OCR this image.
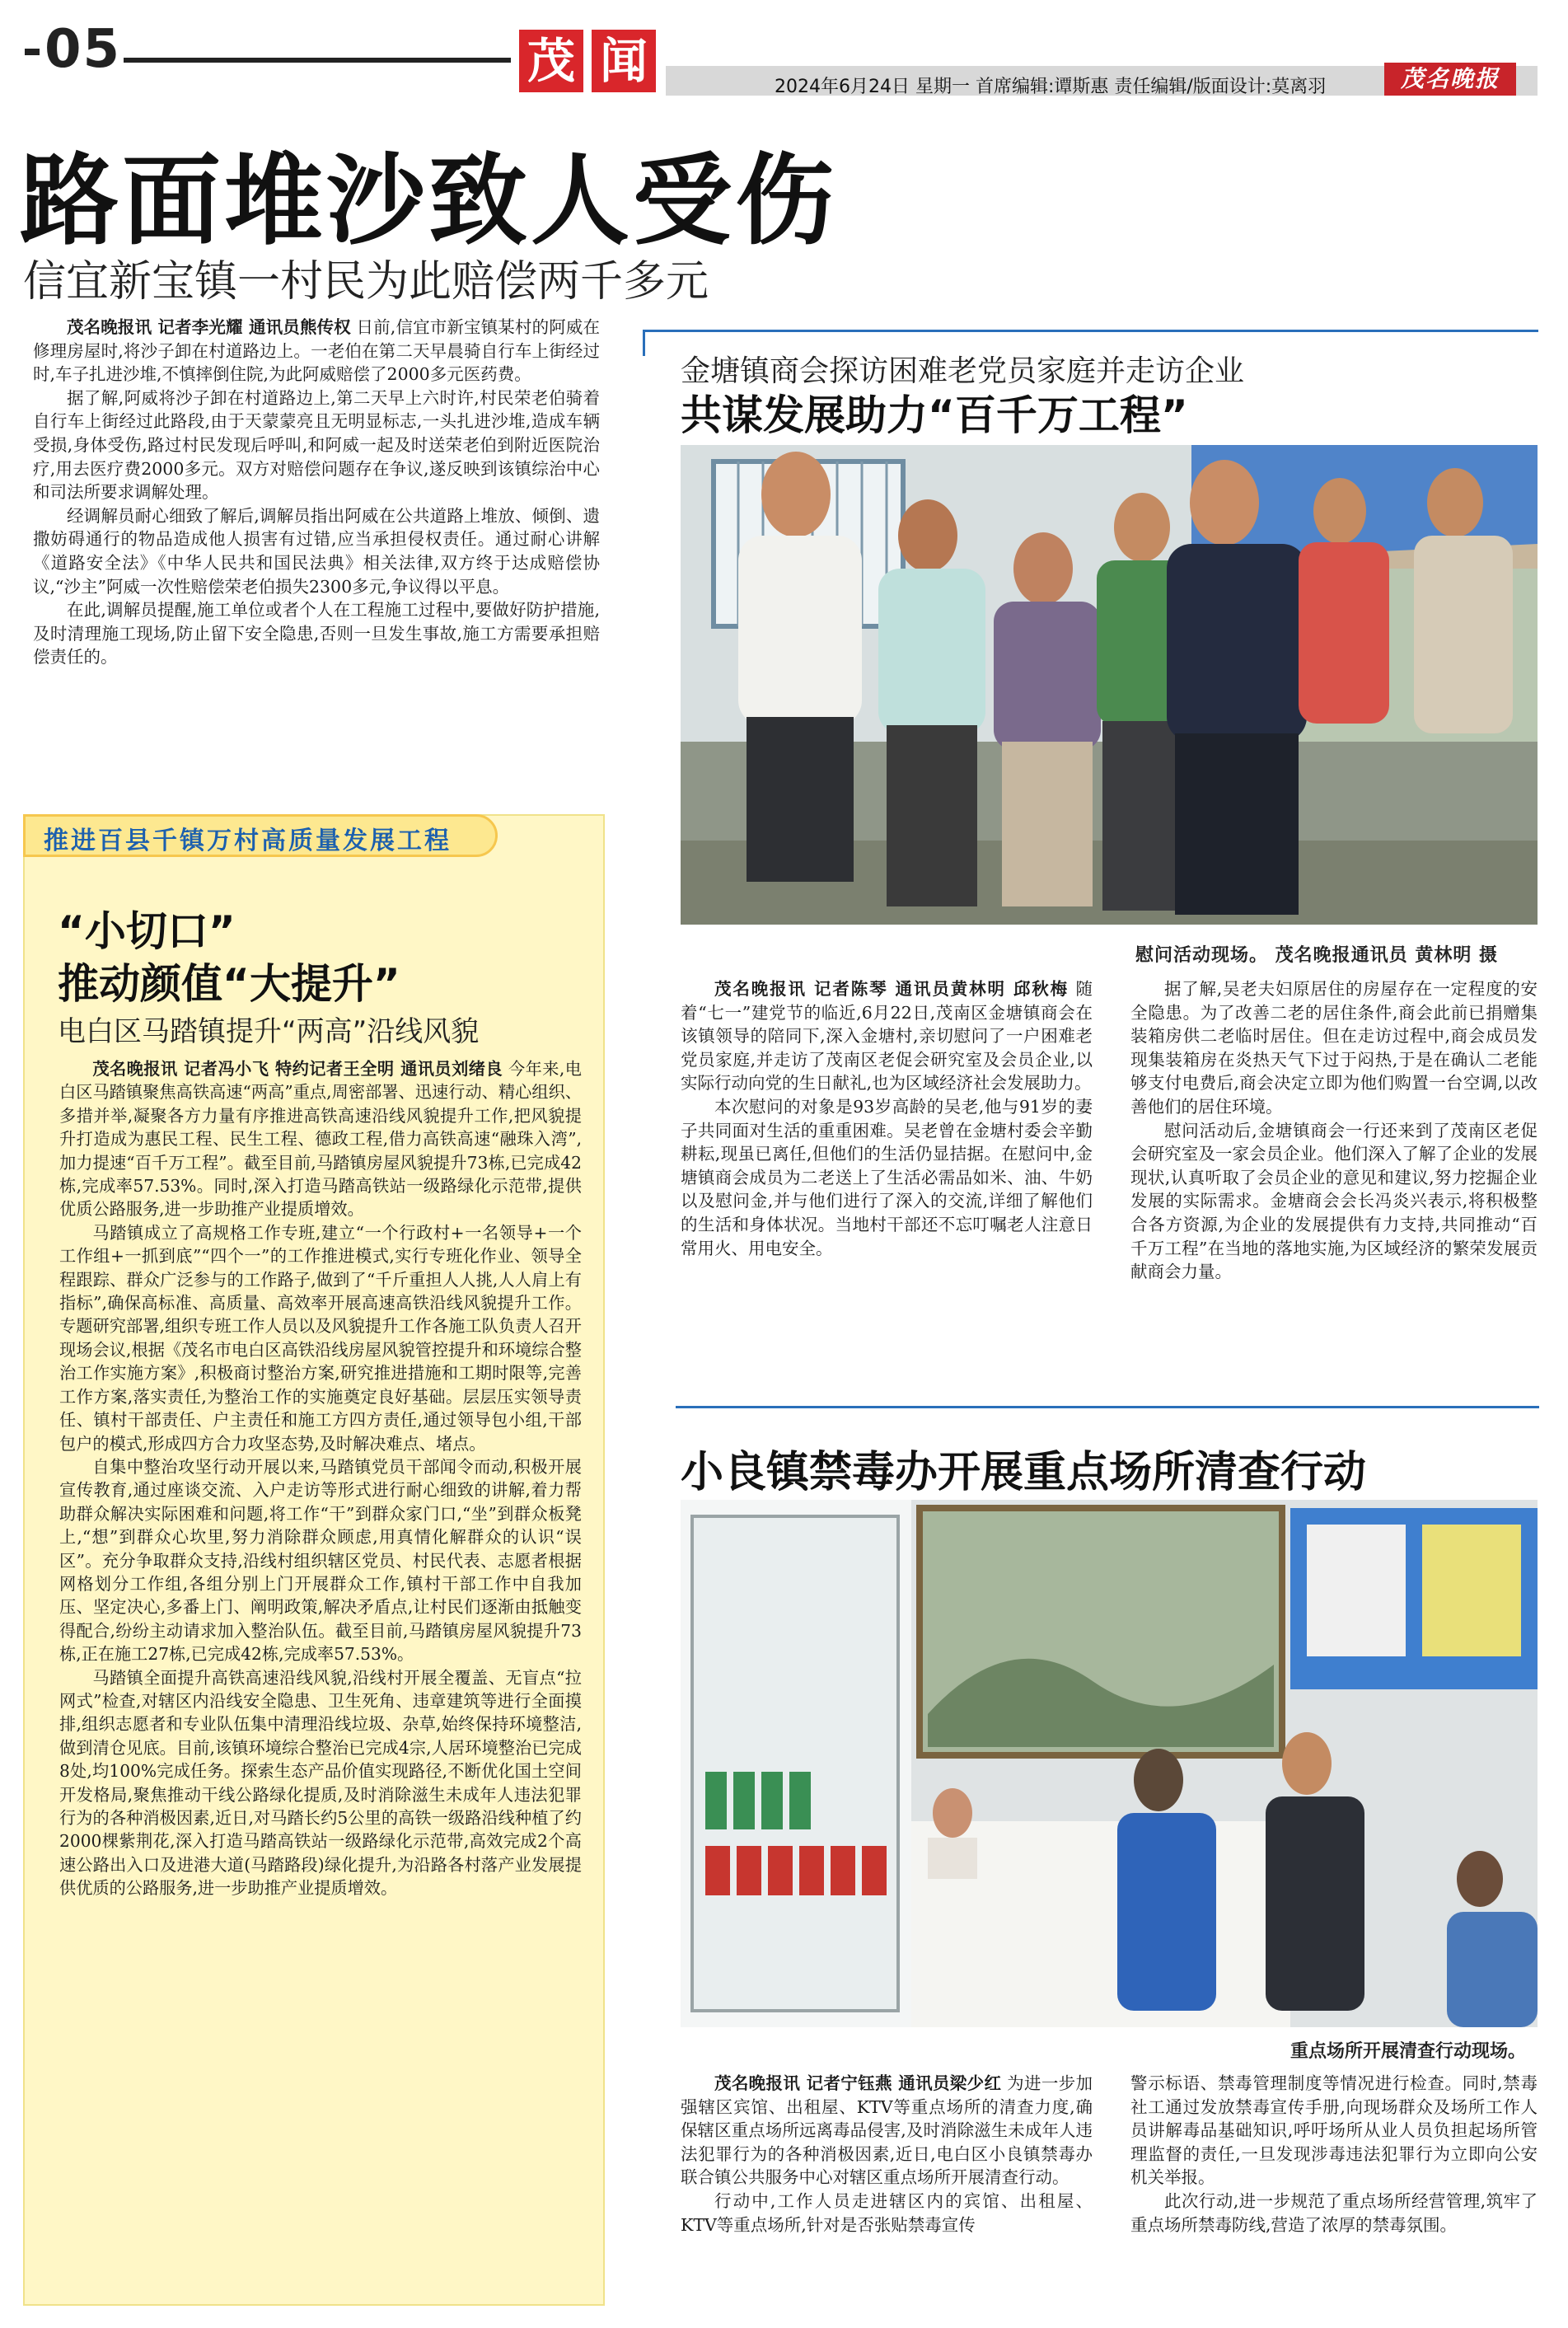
05	茂 闻	2024年6月24日 星期一 首席编辑:谭斯惠 责任编辑/版面设计:莫离羽	茂名晚报
路面堆沙致人受伤
信宜新宝镇一村民为此赔偿两千多元

茂名晚报讯 记者李光耀 通讯员熊传权 日前,信宜市新宝镇某村的阿威在修理房屋时,将沙子卸在村道路边上。一老伯在第二天早晨骑自行车上街经过时,车子扎进沙堆,不慎摔倒住院,为此阿威赔偿了2000多元医药费。

据了解,阿威将沙子卸在村道路边上,第二天早上六时许,村民荣老伯骑着自行车上街经过此路段,由于天蒙蒙亮且无明显标志,一头扎进沙堆,造成车辆受损,身体受伤,路过村民发现后呼叫,和阿威一起及时送荣老伯到附近医院治疗,用去医疗费2000多元。双方对赔偿问题存在争议,遂反映到该镇综治中心和司法所要求调解处理。

经调解员耐心细致了解后,调解员指出阿威在公共道路上堆放、倾倒、遗撒妨碍通行的物品造成他人损害有过错,应当承担侵权责任。通过耐心讲解《道路安全法》《中华人民共和国民法典》相关法律,双方终于达成赔偿协议,“沙主”阿威一次性赔偿荣老伯损失2300多元,争议得以平息。

在此,调解员提醒,施工单位或者个人在工程施工过程中,要做好防护措施,及时清理施工现场,防止留下安全隐患,否则一旦发生事故,施工方需要承担赔偿责任的。

推进百县千镇万村高质量发展工程
“小切口”
推动颜值“大提升”
电白区马踏镇提升“两高”沿线风貌

茂名晚报讯 记者冯小飞 特约记者王全明 通讯员刘绪良 今年来,电白区马踏镇聚焦高铁高速“两高”重点,周密部署、迅速行动、精心组织、多措并举,凝聚各方力量有序推进高铁高速沿线风貌提升工作,把风貌提升打造成为惠民工程、民生工程、德政工程,借力高铁高速“融珠入湾”,加力提速“百千万工程”。截至目前,马踏镇房屋风貌提升73栋,已完成42栋,完成率57.53%。同时,深入打造马踏高铁站一级路绿化示范带,提供优质公路服务,进一步助推产业提质增效。

马踏镇成立了高规格工作专班,建立“一个行政村+一名领导+一个工作组+一抓到底”“四个一”的工作推进模式,实行专班化作业、领导全程跟踪、群众广泛参与的工作路子,做到了“千斤重担人人挑,人人肩上有指标”,确保高标准、高质量、高效率开展高速高铁沿线风貌提升工作。专题研究部署,组织专班工作人员以及风貌提升工作各施工队负责人召开现场会议,根据《茂名市电白区高铁沿线房屋风貌管控提升和环境综合整治工作实施方案》,积极商讨整治方案,研究推进措施和工期时限等,完善工作方案,落实责任,为整治工作的实施奠定良好基础。层层压实领导责任、镇村干部责任、户主责任和施工方四方责任,通过领导包小组,干部包户的模式,形成四方合力攻坚态势,及时解决难点、堵点。

自集中整治攻坚行动开展以来,马踏镇党员干部闻令而动,积极开展宣传教育,通过座谈交流、入户走访等形式进行耐心细致的讲解,着力帮助群众解决实际困难和问题,将工作“干”到群众家门口,“坐”到群众板凳上,“想”到群众心坎里,努力消除群众顾虑,用真情化解群众的认识“误区”。充分争取群众支持,沿线村组织辖区党员、村民代表、志愿者根据网格划分工作组,各组分别上门开展群众工作,镇村干部工作中自我加压、坚定决心,多番上门、阐明政策,解决矛盾点,让村民们逐渐由抵触变得配合,纷纷主动请求加入整治队伍。截至目前,马踏镇房屋风貌提升73栋,正在施工27栋,已完成42栋,完成率57.53%。

马踏镇全面提升高铁高速沿线风貌,沿线村开展全覆盖、无盲点“拉网式”检查,对辖区内沿线安全隐患、卫生死角、违章建筑等进行全面摸排,组织志愿者和专业队伍集中清理沿线垃圾、杂草,始终保持环境整洁,做到清仓见底。目前,该镇环境综合整治已完成4宗,人居环境整治已完成8处,均100%完成任务。探索生态产品价值实现路径,不断优化国土空间开发格局,聚焦推动干线公路绿化提质,及时消除滋生未成年人违法犯罪行为的各种消极因素,近日,对马踏长约5公里的高铁一级路沿线种植了约2000棵紫荆花,深入打造马踏高铁站一级路绿化示范带,高效完成2个高速公路出入口及进港大道(马踏路段)绿化提升,为沿路各村落产业发展提供优质的公路服务,进一步助推产业提质增效。

金塘镇商会探访困难老党员家庭并走访企业
共谋发展助力“百千万工程”
慰问活动现场。 茂名晚报通讯员 黄林明 摄

茂名晚报讯 记者陈琴 通讯员黄林明 邱秋梅 随着“七一”建党节的临近,6月22日,茂南区金塘镇商会在该镇领导的陪同下,深入金塘村,亲切慰问了一户困难老党员家庭,并走访了茂南区老促会研究室及会员企业,以实际行动向党的生日献礼,也为区域经济社会发展助力。

本次慰问的对象是93岁高龄的吴老,他与91岁的妻子共同面对生活的重重困难。吴老曾在金塘村委会辛勤耕耘,现虽已离任,但他们的生活仍显拮据。在慰问中,金塘镇商会成员为二老送上了生活必需品如米、油、牛奶以及慰问金,并与他们进行了深入的交流,详细了解他们的生活和身体状况。当地村干部还不忘叮嘱老人注意日常用火、用电安全。

据了解,吴老夫妇原居住的房屋存在一定程度的安全隐患。为了改善二老的居住条件,商会此前已捐赠集装箱房供二老临时居住。但在走访过程中,商会成员发现集装箱房在炎热天气下过于闷热,于是在确认二老能够支付电费后,商会决定立即为他们购置一台空调,以改善他们的居住环境。

慰问活动后,金塘镇商会一行还来到了茂南区老促会研究室及一家会员企业。他们深入了解了企业的发展现状,认真听取了会员企业的意见和建议,努力挖掘企业发展的实际需求。金塘商会会长冯炎兴表示,将积极整合各方资源,为企业的发展提供有力支持,共同推动“百千万工程”在当地的落地实施,为区域经济的繁荣发展贡献商会力量。

小良镇禁毒办开展重点场所清查行动
重点场所开展清查行动现场。

茂名晚报讯 记者宁钰燕 通讯员梁少红 为进一步加强辖区宾馆、出租屋、KTV等重点场所的清查力度,确保辖区重点场所远离毒品侵害,及时消除滋生未成年人违法犯罪行为的各种消极因素,近日,电白区小良镇禁毒办联合镇公共服务中心对辖区重点场所开展清查行动。

行动中,工作人员走进辖区内的宾馆、出租屋、KTV等重点场所,针对是否张贴禁毒宣传

警示标语、禁毒管理制度等情况进行检查。同时,禁毒社工通过发放禁毒宣传手册,向现场群众及场所工作人员讲解毒品基础知识,呼吁场所从业人员负担起场所管理监督的责任,一旦发现涉毒违法犯罪行为立即向公安机关举报。

此次行动,进一步规范了重点场所经营管理,筑牢了重点场所禁毒防线,营造了浓厚的禁毒氛围。
